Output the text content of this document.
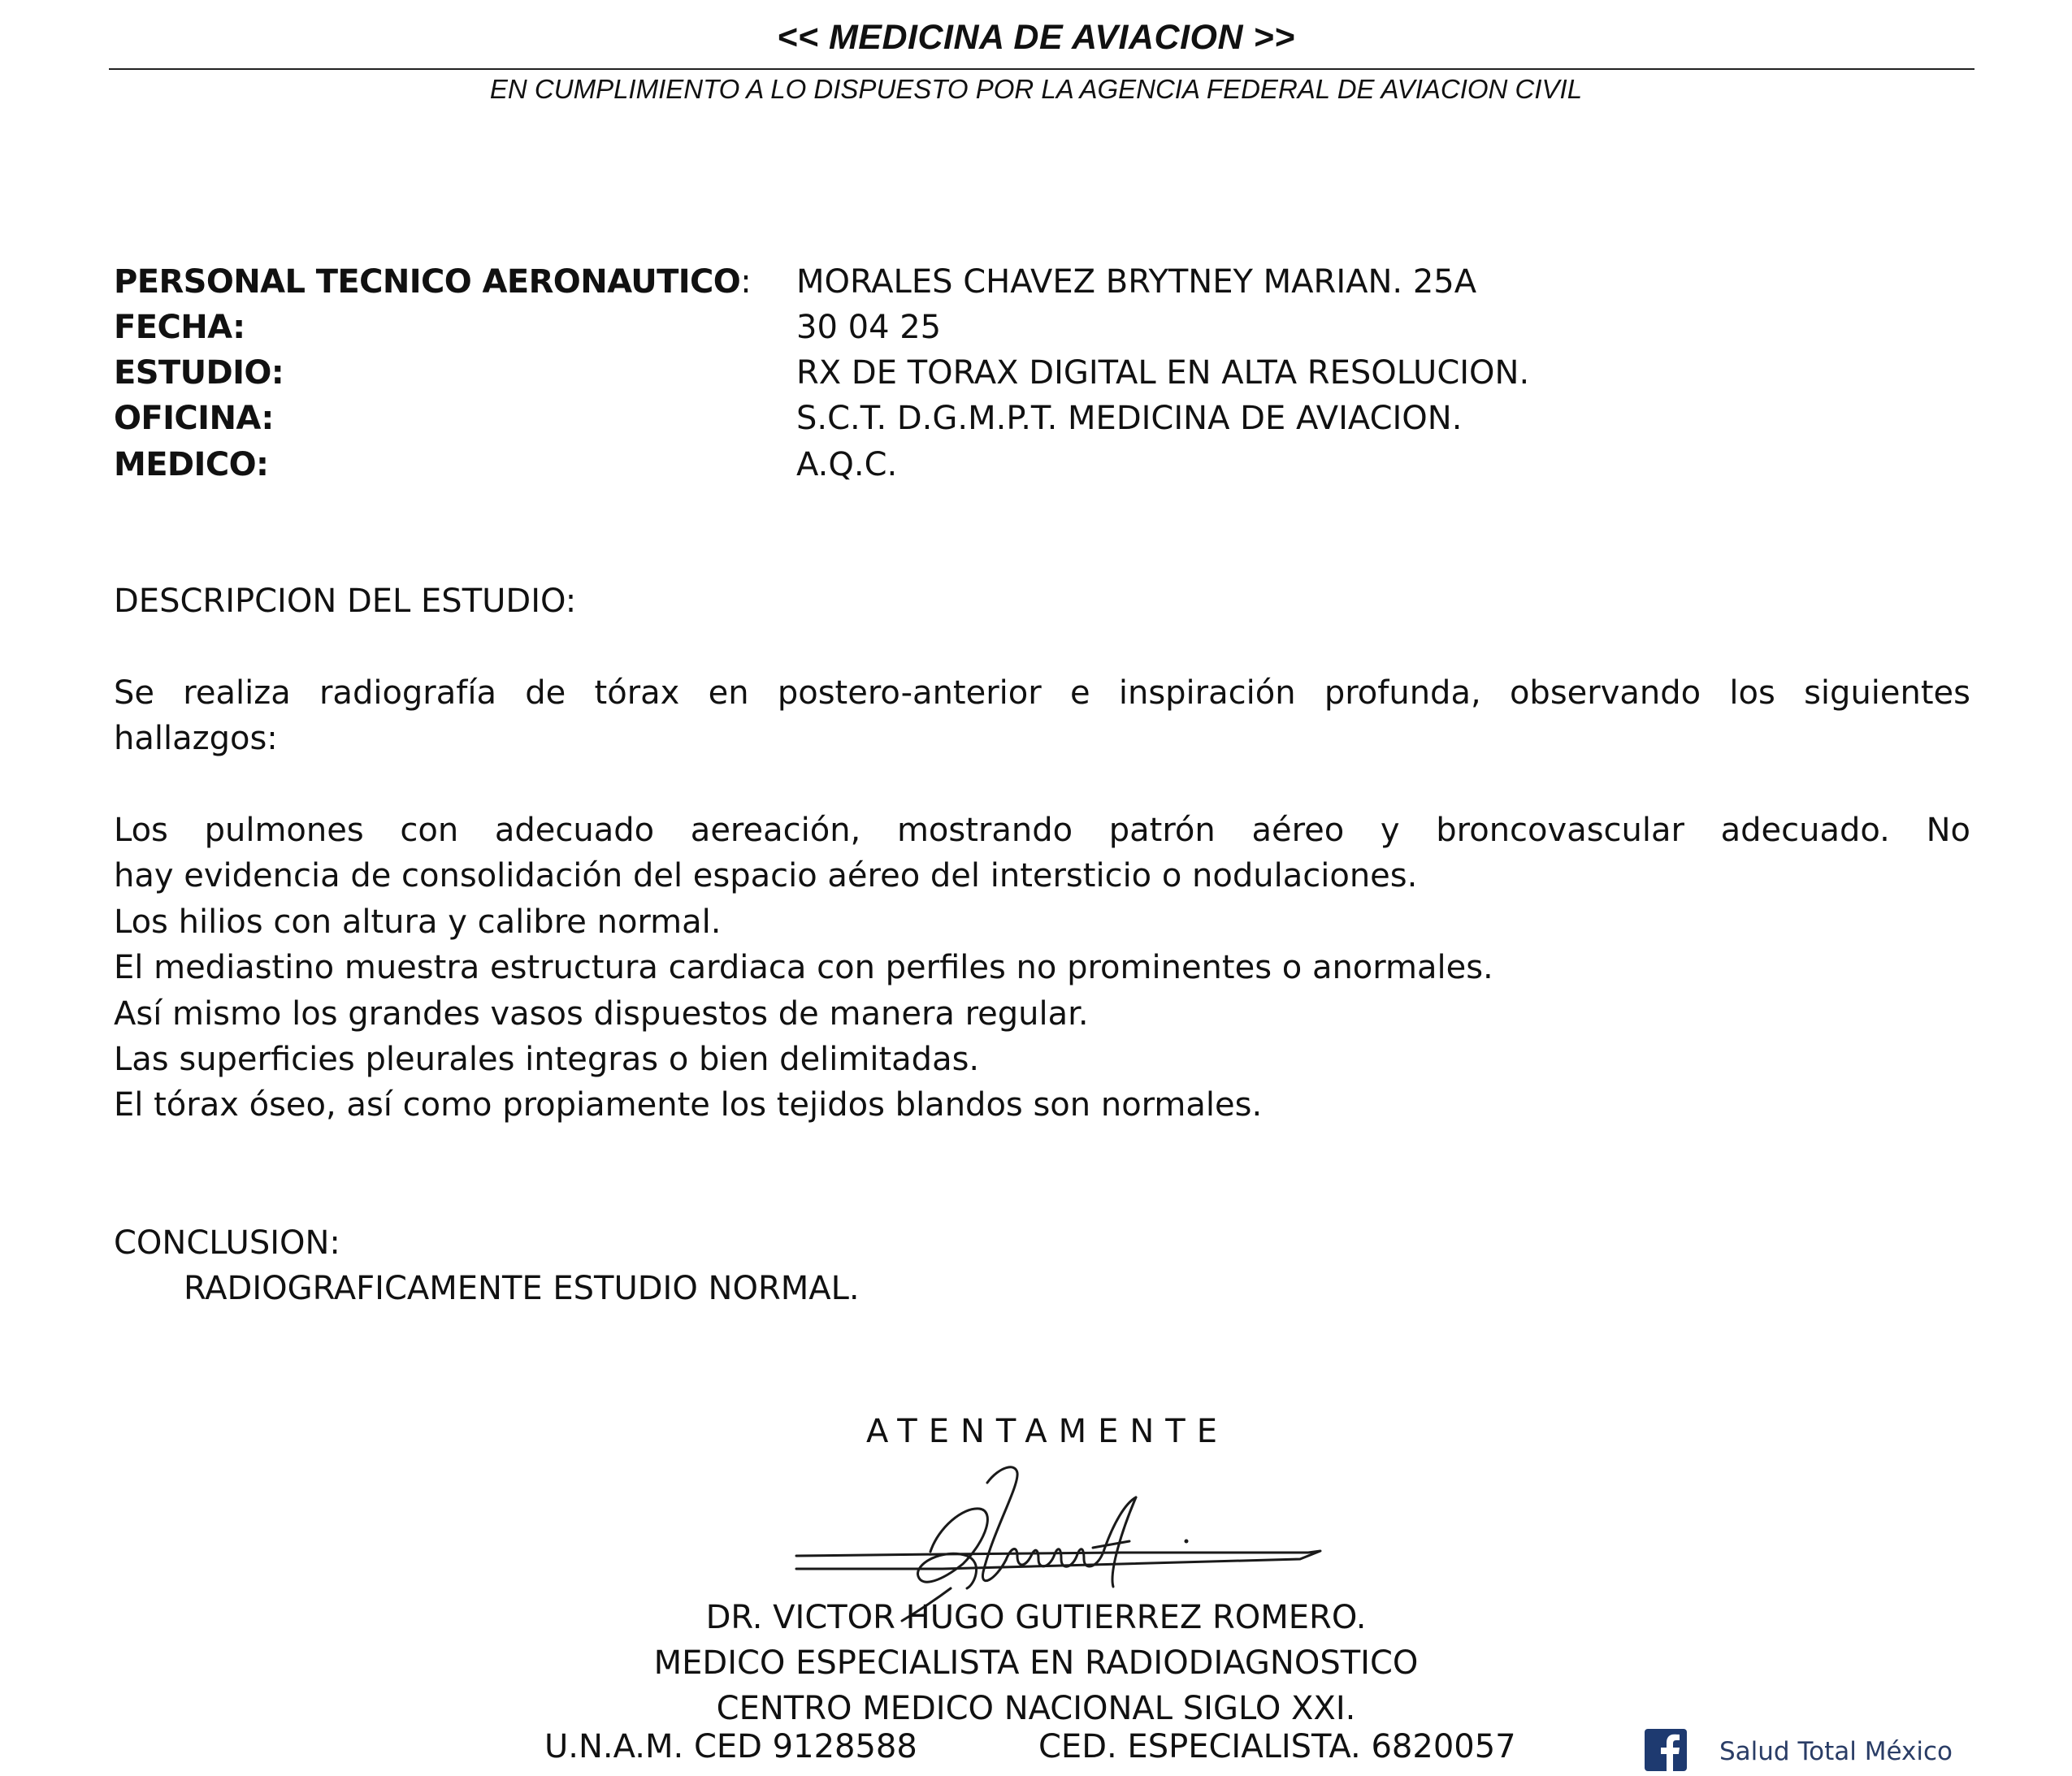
<< MEDICINA DE AVIACION >>
EN CUMPLIMIENTO A LO DISPUESTO POR LA AGENCIA FEDERAL DE AVIACION CIVIL
PERSONAL TECNICO AERONAUTICO: MORALES CHAVEZ BRYTNEY MARIAN. 25A
FECHA:	30 04 25
ESTUDIO:	RX DE TORAX DIGITAL EN ALTA RESOLUCION.
OFICINA:	S.C.T. D.G.M.P.T. MEDICINA DE AVIACION.
MEDICO:	A.Q.C.
DESCRIPCION DEL ESTUDIO:
Se realiza radiografía de tórax en postero-anterior e inspiración profunda, observando los siguientes
hallazgos:
Los pulmones con adecuado aereación, mostrando patrón aéreo y broncovascular adecuado. No
hay evidencia de consolidación del espacio aéreo del intersticio o nodulaciones.
Los hilios con altura y calibre normal.
El mediastino muestra estructura cardiaca con perfiles no prominentes o anormales.
Así mismo los grandes vasos dispuestos de manera regular.
Las superficies pleurales integras o bien delimitadas.
El tórax óseo, así como propiamente los tejidos blandos son normales.
CONCLUSION:
RADIOGRAFICAMENTE ESTUDIO NORMAL.
ATENTAMENTE
DR. VICTOR HUGO GUTIERREZ ROMERO.
MEDICO ESPECIALISTA EN RADIODIAGNOSTICO
CENTRO MEDICO NACIONAL SIGLO XXI.
U.N.A.M. CED 9128588	CED. ESPECIALISTA. 6820057	Salud Total México
